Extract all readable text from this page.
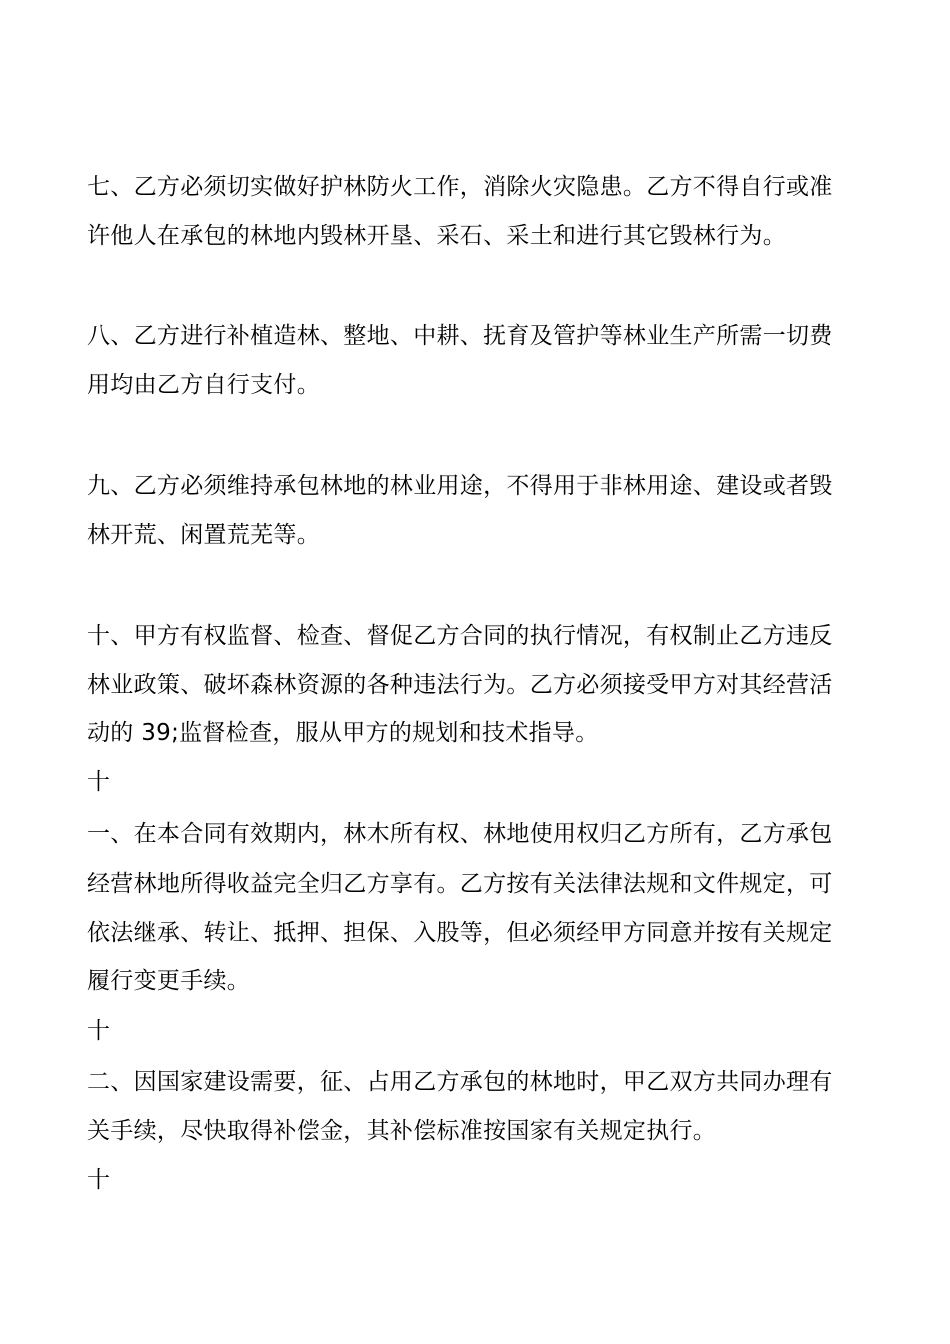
七、乙方必须切实做好护林防火工作，消除火灾隐患。乙方不得自行或准
许他人在承包的林地内毁林开垦、采石、采土和进行其它毁林行为。
八、乙方进行补植造林、整地、中耕、抚育及管护等林业生产所需一切费
用均由乙方自行支付。
九、乙方必须维持承包林地的林业用途，不得用于非林用途、建设或者毁
林开荒、闲置荒芜等。
十、甲方有权监督、检查、督促乙方合同的执行情况，有权制止乙方违反
林业政策、破坏森林资源的各种违法行为。乙方必须接受甲方对其经营活
动的 39;监督检查，服从甲方的规划和技术指导。
十
一、在本合同有效期内，林木所有权、林地使用权归乙方所有，乙方承包
经营林地所得收益完全归乙方享有。乙方按有关法律法规和文件规定，可
依法继承、转让、抵押、担保、入股等，但必须经甲方同意并按有关规定
履行变更手续。
十
二、因国家建设需要，征、占用乙方承包的林地时，甲乙双方共同办理有
关手续，尽快取得补偿金，其补偿标准按国家有关规定执行。
十
